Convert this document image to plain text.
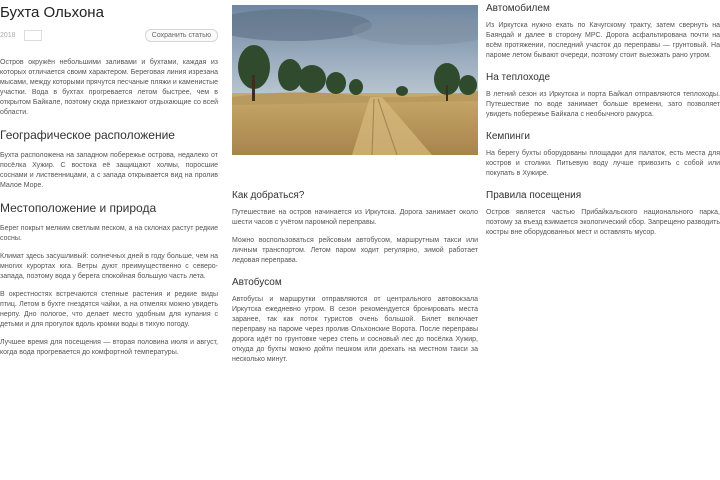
Бухта Ольхона
2018	Сохранить статью

Остров окружён небольшими заливами и бухтами, каждая из которых отличается своим характером. Береговая линия изрезана мысами, между которыми прячутся песчаные пляжи и каменистые участки. Вода в бухтах прогревается летом быстрее, чем в открытом Байкале, поэтому сюда приезжают отдыхающие со всей области.

Географическое расположение

Бухта расположена на западном побережье острова, недалеко от посёлка Хужир. С востока её защищают холмы, поросшие соснами и лиственницами, а с запада открывается вид на пролив Малое Море.

Местоположение и природа

Берег покрыт мелким светлым песком, а на склонах растут редкие сосны.

Климат здесь засушливый: солнечных дней в году больше, чем на многих курортах юга. Ветры дуют преимущественно с северо-запада, поэтому вода у берега спокойная большую часть лета.

В окрестностях встречаются степные растения и редкие виды птиц. Летом в бухте гнездятся чайки, а на отмелях можно увидеть нерпу. Дно пологое, что делает место удобным для купания с детьми и для прогулок вдоль кромки воды в тихую погоду.

Лучшее время для посещения — вторая половина июля и август, когда вода прогревается до комфортной температуры.

Как добраться?

Путешествие на остров начинается из Иркутска. Дорога занимает около шести часов с учётом паромной переправы.

Можно воспользоваться рейсовым автобусом, маршрутным такси или личным транспортом. Летом паром ходит регулярно, зимой работает ледовая переправа.

Автобусом

Автобусы и маршрутки отправляются от центрального автовокзала Иркутска ежедневно утром. В сезон рекомендуется бронировать места заранее, так как поток туристов очень большой. Билет включает переправу на пароме через пролив Ольхонские Ворота. После переправы дорога идёт по грунтовке через степь и сосновый лес до посёлка Хужир, откуда до бухты можно дойти пешком или доехать на местном такси за несколько минут.

Автомобилем

Из Иркутска нужно ехать по Качугскому тракту, затем свернуть на Баяндай и далее в сторону МРС. Дорога асфальтирована почти на всём протяжении, последний участок до переправы — грунтовый. На пароме летом бывают очереди, поэтому стоит выезжать рано утром.

На теплоходе

В летний сезон из Иркутска и порта Байкал отправляются теплоходы. Путешествие по воде занимает больше времени, зато позволяет увидеть побережье Байкала с необычного ракурса.

Кемпинги

На берегу бухты оборудованы площадки для палаток, есть места для костров и столики. Питьевую воду лучше привозить с собой или покупать в Хужире.

Правила посещения

Остров является частью Прибайкальского национального парка, поэтому за въезд взимается экологический сбор. Запрещено разводить костры вне оборудованных мест и оставлять мусор.
